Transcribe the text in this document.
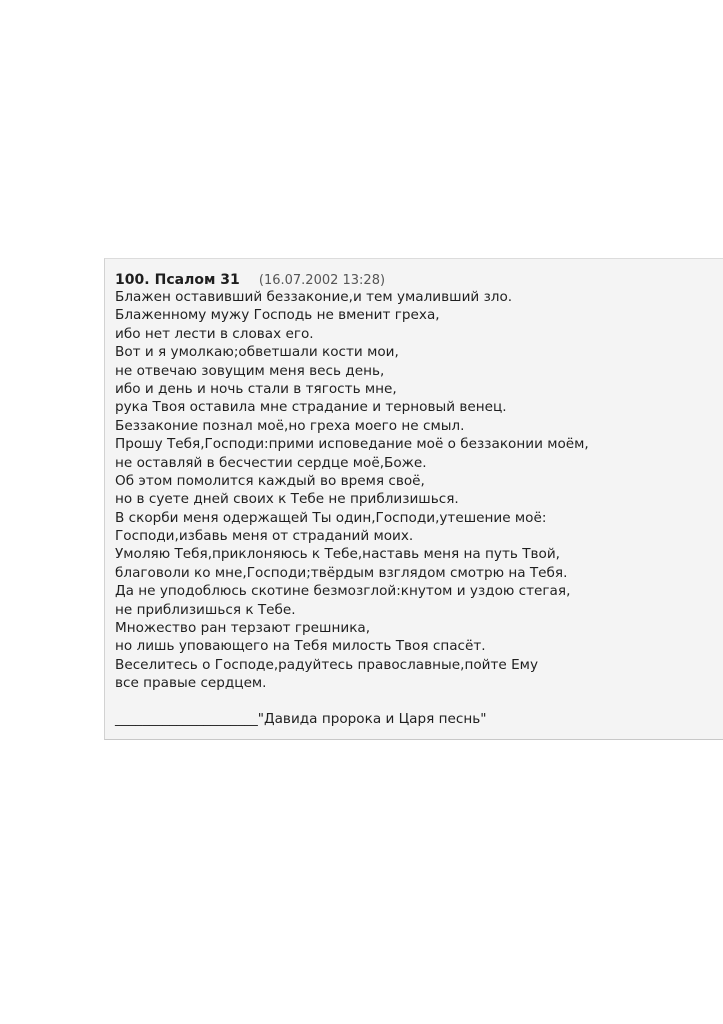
100. Псалом 31 (16.07.2002 13:28)
Блажен оставивший беззаконие,и тем умаливший зло.
Блаженному мужу Господь не вменит греха,
ибо нет лести в словах его.
Вот и я умолкаю;обветшали кости мои,
не отвечаю зовущим меня весь день,
ибо и день и ночь стали в тягость мне,
рука Твоя оставила мне страдание и терновый венец.
Беззаконие познал моё,но греха моего не смыл.
Прошу Тебя,Господи:прими исповедание моё о беззаконии моём,
не оставляй в бесчестии сердце моё,Боже.
Об этом помолится каждый во время своё,
но в суете дней своих к Тебе не приблизишься.
В скорби меня одержащей Ты один,Господи,утешение моё:
Господи,избавь меня от страданий моих.
Умоляю Тебя,приклоняюсь к Тебе,наставь меня на путь Твой,
благоволи ко мне,Господи;твёрдым взглядом смотрю на Тебя.
Да не уподоблюсь скотине безмозглой:кнутом и уздою стегая,
не приблизишься к Тебе.
Множество ран терзают грешника,
но лишь уповающего на Тебя милость Твоя спасёт.
Веселитесь о Господе,радуйтесь православные,пойте Ему
все правые сердцем.
_____________________"Давида пророка и Царя песнь"
